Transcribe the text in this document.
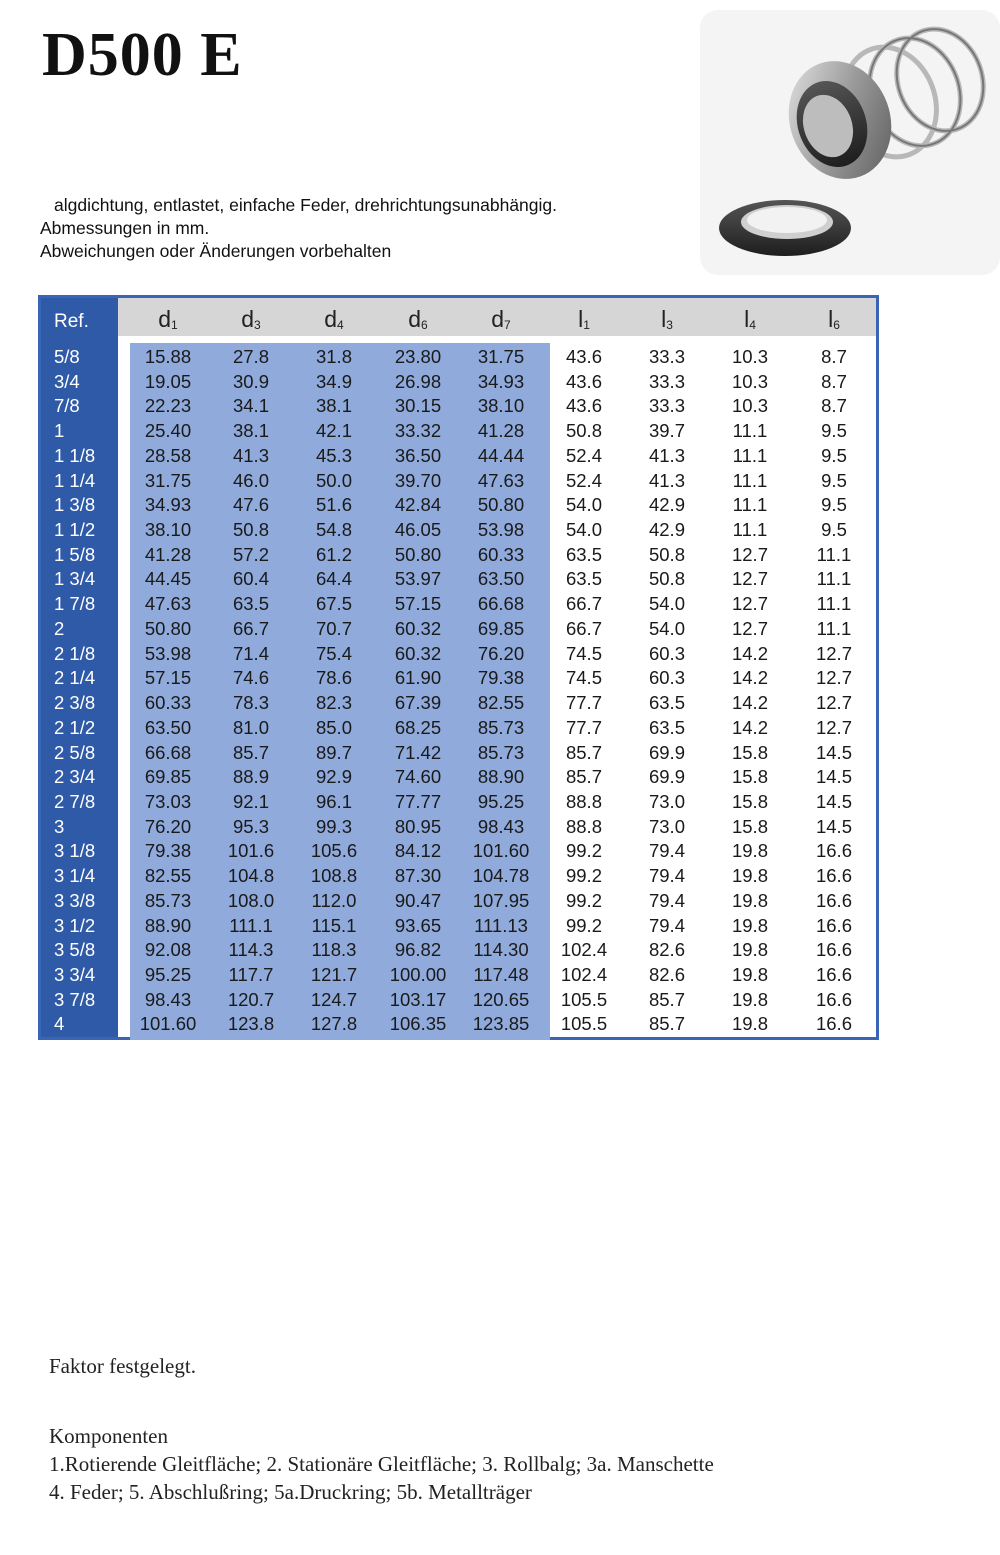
D500 E
algdichtung, entlastet, einfache Feder, drehrichtungsunabhängig.
Abmessungen in mm.
Abweichungen oder Änderungen vorbehalten
Ref.	$d_1$	$d_3$	$d_4$	$d_6$	$d_7$	$l_1$	$l_3$	$l_4$	$l_6$
5/8	15.88	27.8	31.8	23.80	31.75	43.6	33.3	10.3	8.7
3/4	19.05	30.9	34.9	26.98	34.93	43.6	33.3	10.3	8.7
7/8	22.23	34.1	38.1	30.15	38.10	43.6	33.3	10.3	8.7
1	25.40	38.1	42.1	33.32	41.28	50.8	39.7	11.1	9.5
1 1/8	28.58	41.3	45.3	36.50	44.44	52.4	41.3	11.1	9.5
1 1/4	31.75	46.0	50.0	39.70	47.63	52.4	41.3	11.1	9.5
1 3/8	34.93	47.6	51.6	42.84	50.80	54.0	42.9	11.1	9.5
1 1/2	38.10	50.8	54.8	46.05	53.98	54.0	42.9	11.1	9.5
1 5/8	41.28	57.2	61.2	50.80	60.33	63.5	50.8	12.7	11.1
1 3/4	44.45	60.4	64.4	53.97	63.50	63.5	50.8	12.7	11.1
1 7/8	47.63	63.5	67.5	57.15	66.68	66.7	54.0	12.7	11.1
2	50.80	66.7	70.7	60.32	69.85	66.7	54.0	12.7	11.1
2 1/8	53.98	71.4	75.4	60.32	76.20	74.5	60.3	14.2	12.7
2 1/4	57.15	74.6	78.6	61.90	79.38	74.5	60.3	14.2	12.7
2 3/8	60.33	78.3	82.3	67.39	82.55	77.7	63.5	14.2	12.7
2 1/2	63.50	81.0	85.0	68.25	85.73	77.7	63.5	14.2	12.7
2 5/8	66.68	85.7	89.7	71.42	85.73	85.7	69.9	15.8	14.5
2 3/4	69.85	88.9	92.9	74.60	88.90	85.7	69.9	15.8	14.5
2 7/8	73.03	92.1	96.1	77.77	95.25	88.8	73.0	15.8	14.5
3	76.20	95.3	99.3	80.95	98.43	88.8	73.0	15.8	14.5
3 1/8	79.38	101.6	105.6	84.12	101.60	99.2	79.4	19.8	16.6
3 1/4	82.55	104.8	108.8	87.30	104.78	99.2	79.4	19.8	16.6
3 3/8	85.73	108.0	112.0	90.47	107.95	99.2	79.4	19.8	16.6
3 1/2	88.90	111.1	115.1	93.65	111.13	99.2	79.4	19.8	16.6
3 5/8	92.08	114.3	118.3	96.82	114.30	102.4	82.6	19.8	16.6
3 3/4	95.25	117.7	121.7	100.00	117.48	102.4	82.6	19.8	16.6
3 7/8	98.43	120.7	124.7	103.17	120.65	105.5	85.7	19.8	16.6
4	101.60	123.8	127.8	106.35	123.85	105.5	85.7	19.8	16.6
Faktor festgelegt.
Komponenten
1.Rotierende Gleitfläche; 2. Stationäre Gleitfläche; 3. Rollbalg; 3a. Manschette
4. Feder; 5. Abschlußring; 5a.Druckring; 5b. Metallträger
